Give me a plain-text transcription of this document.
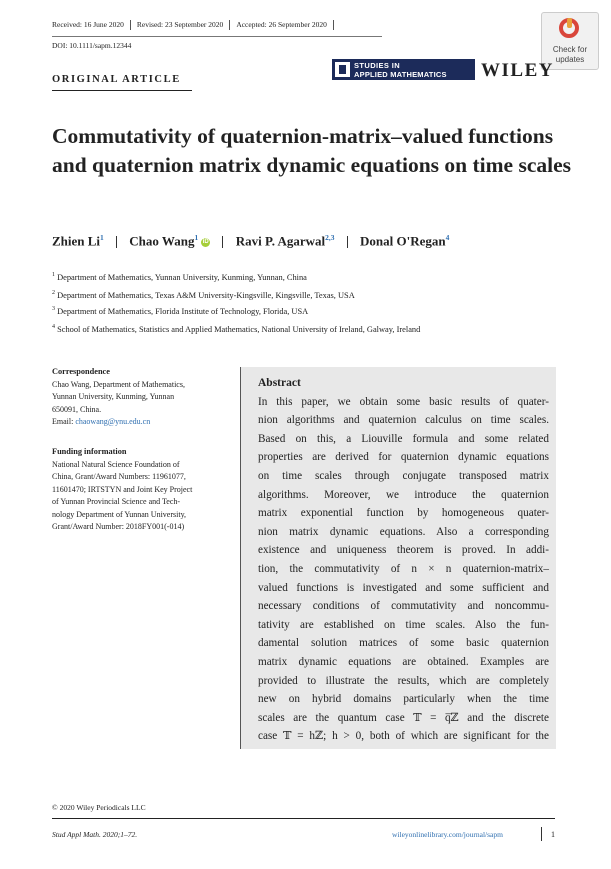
Received: 16 June 2020 Revised: 23 September 2020 Accepted: 26 September 2020
DOI: 10.1111/sapm.12344
ORIGINAL ARTICLE
Check for
updates
STUDIES IN
APPLIED MATHEMATICS WILEY
Commutativity of quaternion-matrix–valued functions and quaternion matrix dynamic equations on time scales
Zhien Li$^1$ Chao Wang$^1$ iD Ravi P. Agarwal$^{2,3}$ Donal O'Regan$^4$
$^1$ Department of Mathematics, Yunnan University, Kunming, Yunnan, China
$^2$ Department of Mathematics, Texas A&M University-Kingsville, Kingsville, Texas, USA
$^3$ Department of Mathematics, Florida Institute of Technology, Florida, USA
$^4$ School of Mathematics, Statistics and Applied Mathematics, National University of Ireland, Galway, Ireland
Correspondence
Chao Wang, Department of Mathematics,
Yunnan University, Kunming, Yunnan
650091, China.
Email: chaowang@ynu.edu.cn
Funding information
National Natural Science Foundation of
China, Grant/Award Numbers: 11961077,
11601470; IRTSTYN and Joint Key Project
of Yunnan Provincial Science and Tech-
nology Department of Yunnan University,
Grant/Award Number: 2018FY001(-014)
Abstract
In this paper, we obtain some basic results of quater-
nion algorithms and quaternion calculus on time scales.
Based on this, a Liouville formula and some related
properties are derived for quaternion dynamic equations
on time scales through conjugate transposed matrix
algorithms. Moreover, we introduce the quaternion
matrix exponential function by homogeneous quater-
nion matrix dynamic equations. Also a corresponding
existence and uniqueness theorem is proved. In addi-
tion, the commutativity of n × n quaternion-matrix–
valued functions is investigated and some sufficient and
necessary conditions of commutativity and noncommu-
tativity are established on time scales. Also the fun-
damental solution matrices of some basic quaternion
matrix dynamic equations are obtained. Examples are
provided to illustrate the results, which are completely
new on hybrid domains particularly when the time
scales are the quantum case 𝕋 = q̅ℤ and the discrete
case 𝕋 = hℤ; h > 0, both of which are significant for the
© 2020 Wiley Periodicals LLC
Stud Appl Math. 2020;1–72.	wileyonlinelibrary.com/journal/sapm	1
